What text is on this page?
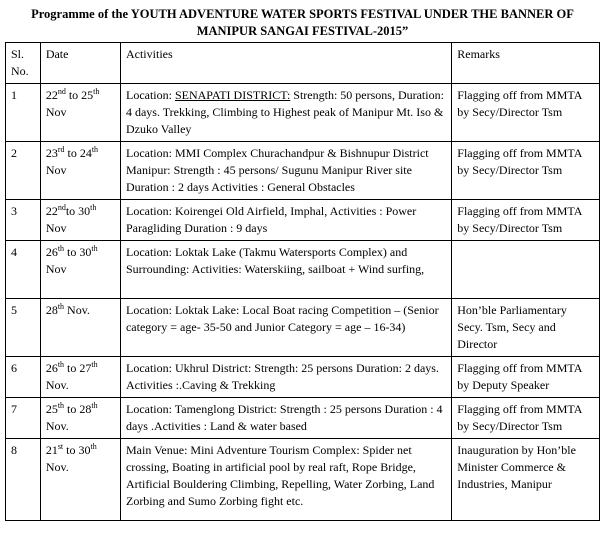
Programme of the YOUTH ADVENTURE WATER SPORTS FESTIVAL UNDER THE BANNER OF MANIPUR SANGAI FESTIVAL-2015”
Sl. No.	Date	Activities	Remarks
1	22nd to 25th Nov	Location: SENAPATI DISTRICT: Strength: 50 persons, Duration: 4 days. Trekking, Climbing to Highest peak of Manipur Mt. Iso & Dzuko Valley	Flagging off from MMTA by Secy/Director Tsm
2	23rd to 24th Nov	Location: MMI Complex Churachandpur & Bishnupur District Manipur: Strength : 45 persons/ Sugunu Manipur River site Duration : 2 days Activities : General Obstacles	Flagging off from MMTA by Secy/Director Tsm
3	22ndto 30th Nov	Location: Koirengei Old Airfield, Imphal, Activities : Power Paragliding Duration : 9 days	Flagging off from MMTA by Secy/Director Tsm
4	26th to 30th Nov	Location: Loktak Lake (Takmu Watersports Complex) and Surrounding: Activities: Waterskiing, sailboat + Wind surfing,	
5	28th Nov.	Location: Loktak Lake: Local Boat racing Competition – (Senior category = age- 35-50 and Junior Category = age – 16-34)	Hon’ble Parliamentary Secy. Tsm, Secy and Director
6	26th to 27th Nov.	Location: Ukhrul District: Strength: 25 persons Duration: 2 days. Activities :.Caving & Trekking	Flagging off from MMTA by Deputy Speaker
7	25th to 28th Nov.	Location: Tamenglong District: Strength : 25 persons Duration : 4 days .Activities : Land & water based	Flagging off from MMTA by Secy/Director Tsm
8	21st to 30th Nov.	Main Venue: Mini Adventure Tourism Complex: Spider net crossing, Boating in artificial pool by real raft, Rope Bridge, Artificial Bouldering Climbing, Repelling, Water Zorbing, Land Zorbing and Sumo Zorbing fight etc.	Inauguration by Hon’ble Minister Commerce & Industries, Manipur
